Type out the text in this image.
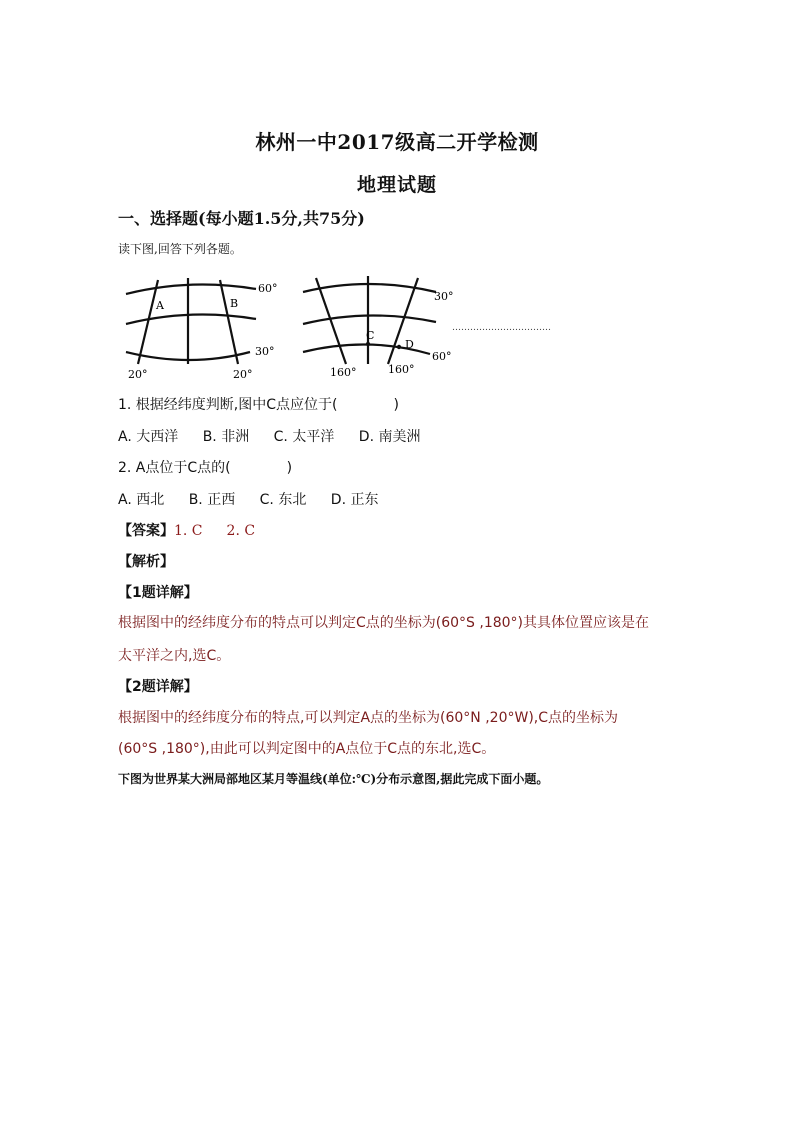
林州一中2017级高二开学检测
地理试题
一、选择题(每小题1.5分,共75分)
读下图,回答下列各题。
60°
30°
20°	20°
A	B
30°
60°
160°	160°
C
D
……………………………
1. 根据经纬度判断,图中C点应位于(　　　　)
A. 大西洋 B. 非洲 C. 太平洋 D. 南美洲
2. A点位于C点的(　　　　)
A. 西北 B. 正西 C. 东北 D. 正东
【答案】1. C 2. C
【解析】
【1题详解】
根据图中的经纬度分布的特点可以判定C点的坐标为(60°S ,180°)其具体位置应该是在
太平洋之内,选C。
【2题详解】
根据图中的经纬度分布的特点,可以判定A点的坐标为(60°N ,20°W),C点的坐标为
(60°S ,180°),由此可以判定图中的A点位于C点的东北,选C。
下图为世界某大洲局部地区某月等温线(单位:℃)分布示意图,据此完成下面小题。
